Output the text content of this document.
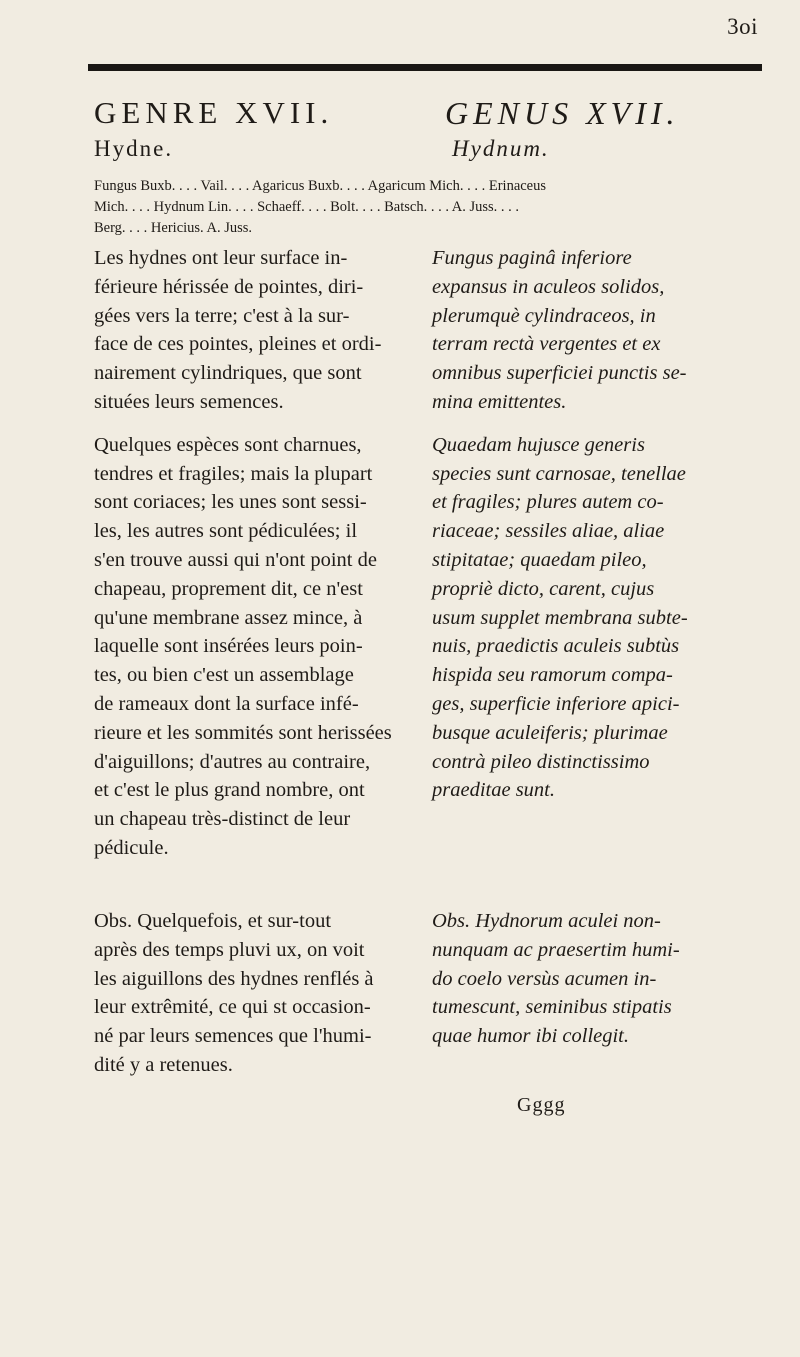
3oi
GENRE XVII.
Hydne.
GENUS XVII.
Hydnum.
Fungus Buxb. . . . Vail. . . . Agaricus Buxb. . . . Agaricum Mich. . . . Erinaceus
Mich. . . . Hydnum Lin. . . . Schaeff. . . . Bolt. . . . Batsch. . . . A. Juss. . . .
Berg. . . . Hericius. A. Juss.
Les hydnes ont leur surface in-
férieure hérissée de pointes, diri-
gées vers la terre; c'est à la sur-
face de ces pointes, pleines et ordi-
nairement cylindriques, que sont
situées leurs semences.
Quelques espèces sont charnues,
tendres et fragiles; mais la plupart
sont coriaces; les unes sont sessi-
les, les autres sont pédiculées; il
s'en trouve aussi qui n'ont point de
chapeau, proprement dit, ce n'est
qu'une membrane assez mince, à
laquelle sont insérées leurs poin-
tes, ou bien c'est un assemblage
de rameaux dont la surface infé-
rieure et les sommités sont herissées
d'aiguillons; d'autres au contraire,
et c'est le plus grand nombre, ont
un chapeau très-distinct de leur
pédicule.
Obs. Quelquefois, et sur-tout
après des temps pluvi ux, on voit
les aiguillons des hydnes renflés à
leur extrêmité, ce qui st occasion-
né par leurs semences que l'humi-
dité y a retenues.
Fungus paginâ inferiore
expansus in aculeos solidos,
plerumquè cylindraceos, in
terram rectà vergentes et ex
omnibus superficiei punctis se-
mina emittentes.
Quaedam hujusce generis
species sunt carnosae, tenellae
et fragiles; plures autem co-
riaceae; sessiles aliae, aliae
stipitatae; quaedam pileo,
propriè dicto, carent, cujus
usum supplet membrana subte-
nuis, praedictis aculeis subtùs
hispida seu ramorum compa-
ges, superficie inferiore apici-
busque aculeiferis; plurimae
contrà pileo distinctissimo
praeditae sunt.
Obs. Hydnorum aculei non-
nunquam ac praesertim humi-
do coelo versùs acumen in-
tumescunt, seminibus stipatis
quae humor ibi collegit.
Gggg
